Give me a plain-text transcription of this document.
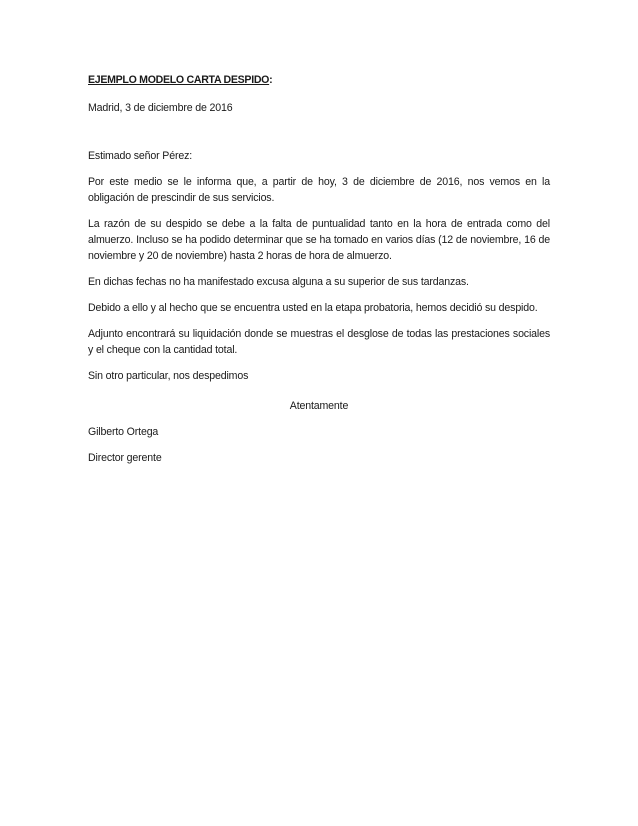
EJEMPLO MODELO CARTA DESPIDO:

Madrid, 3 de diciembre de 2016

Estimado señor Pérez:

Por este medio se le informa que, a partir de hoy, 3 de diciembre de 2016, nos vemos en la obligación de prescindir de sus servicios.

La razón de su despido se debe a la falta de puntualidad tanto en la hora de entrada como del almuerzo. Incluso se ha podido determinar que se ha tomado en varios días (12 de noviembre, 16 de noviembre y 20 de noviembre) hasta 2 horas de hora de almuerzo.

En dichas fechas no ha manifestado excusa alguna a su superior de sus tardanzas.

Debido a ello y al hecho que se encuentra usted en la etapa probatoria, hemos decidió su despido.

Adjunto encontrará su liquidación donde se muestras el desglose de todas las prestaciones sociales y el cheque con la cantidad total.

Sin otro particular, nos despedimos

Atentamente

Gilberto Ortega

Director gerente
